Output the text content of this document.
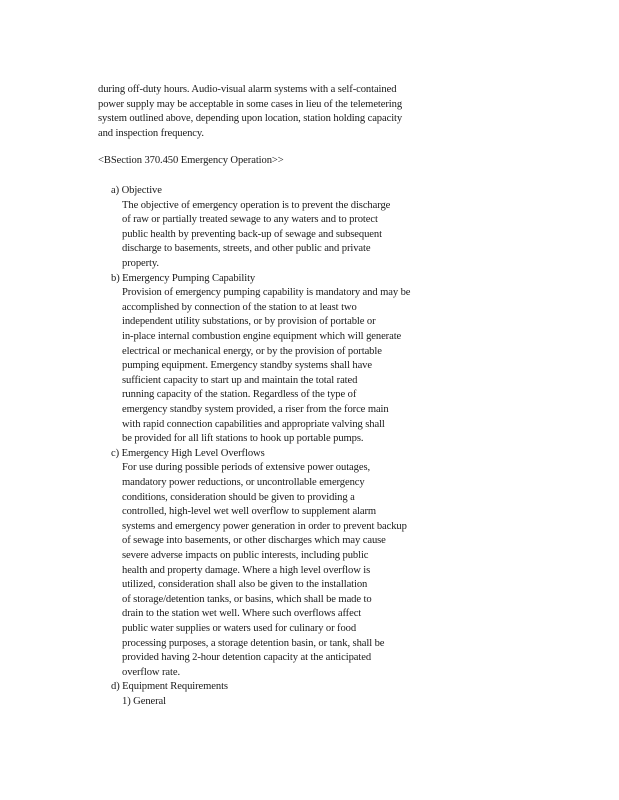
during off-duty hours. Audio-visual alarm systems with a self-contained
power supply may be acceptable in some cases in lieu of the telemetering
system outlined above, depending upon location, station holding capacity
and inspection frequency.
<BSection 370.450 Emergency Operation>>
a) Objective
The objective of emergency operation is to prevent the discharge
of raw or partially treated sewage to any waters and to protect
public health by preventing back-up of sewage and subsequent
discharge to basements, streets, and other public and private
property.
b) Emergency Pumping Capability
Provision of emergency pumping capability is mandatory and may be
accomplished by connection of the station to at least two
independent utility substations, or by provision of portable or
in-place internal combustion engine equipment which will generate
electrical or mechanical energy, or by the provision of portable
pumping equipment. Emergency standby systems shall have
sufficient capacity to start up and maintain the total rated
running capacity of the station. Regardless of the type of
emergency standby system provided, a riser from the force main
with rapid connection capabilities and appropriate valving shall
be provided for all lift stations to hook up portable pumps.
c) Emergency High Level Overflows
For use during possible periods of extensive power outages,
mandatory power reductions, or uncontrollable emergency
conditions, consideration should be given to providing a
controlled, high-level wet well overflow to supplement alarm
systems and emergency power generation in order to prevent backup
of sewage into basements, or other discharges which may cause
severe adverse impacts on public interests, including public
health and property damage. Where a high level overflow is
utilized, consideration shall also be given to the installation
of storage/detention tanks, or basins, which shall be made to
drain to the station wet well. Where such overflows affect
public water supplies or waters used for culinary or food
processing purposes, a storage detention basin, or tank, shall be
provided having 2-hour detention capacity at the anticipated
overflow rate.
d) Equipment Requirements
1) General
